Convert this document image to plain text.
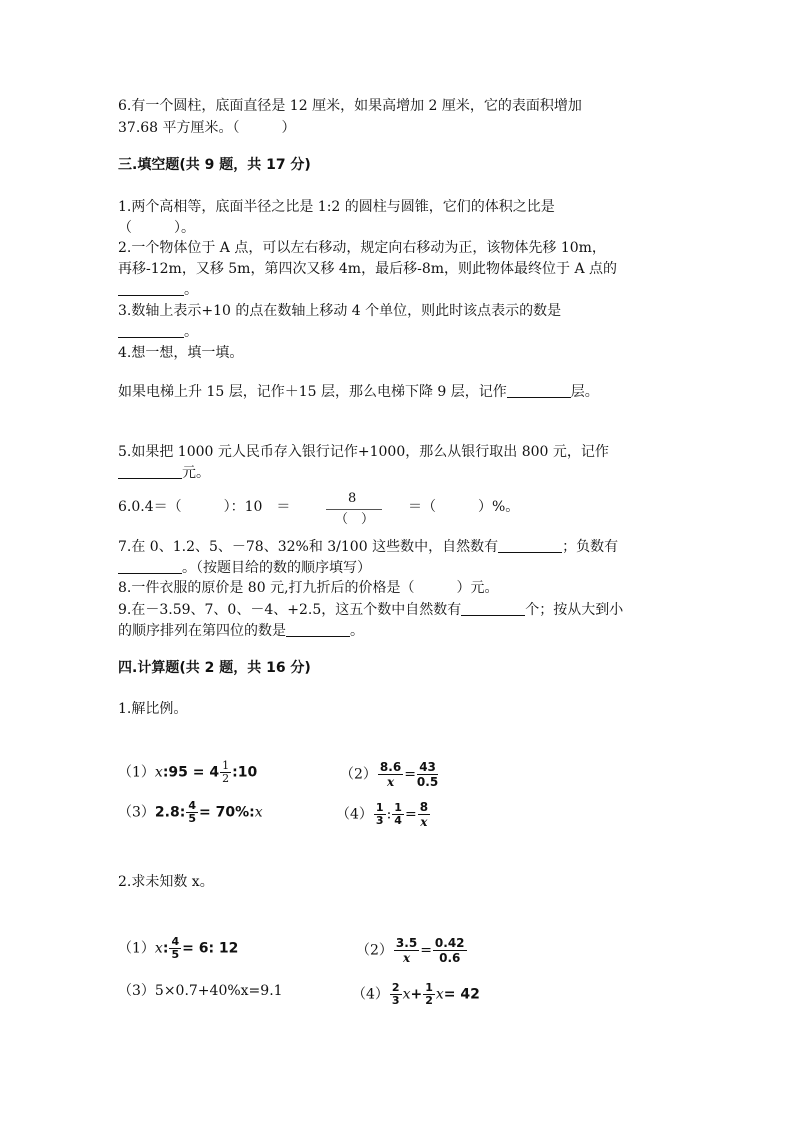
6.有一个圆柱，底面直径是 12 厘米，如果高增加 2 厘米，它的表面积增加
37.68 平方厘米。（　　　）
三.填空题(共 9 题，共 17 分)
1.两个高相等，底面半径之比是 1:2 的圆柱与圆锥，它们的体积之比是
（　　　）。
2.一个物体位于 A 点，可以左右移动，规定向右移动为正，该物体先移 10m，
再移-12m，又移 5m，第四次又移 4m，最后移-8m，则此物体最终位于 A 点的
。
3.数轴上表示+10 的点在数轴上移动 4 个单位，则此时该点表示的数是
。
4.想一想，填一填。
如果电梯上升 15 层，记作＋15 层，那么电梯下降 9 层，记作	层。
5.如果把 1000 元人民币存入银行记作+1000，那么从银行取出 800 元，记作
元。
6.0.4＝（　　　）：10　＝
8
（　）
＝（　　　）%。
7.在 0、1.2、5、－78、32%和 3/100 这些数中，自然数有	；负数有
。（按题目给的数的顺序填写）
8.一件衣服的原价是 80 元,打九折后的价格是（　　　）元。
9.在－3.59、7、0、－4、+2.5，这五个数中自然数有	个；按从大到小
的顺序排列在第四位的数是	。
四.计算题(共 2 题，共 16 分)
1.解比例。
（1）x:95 = $4 \frac{1}{2}$ :10	$(2) \frac{8.6}{x} = \frac{43}{0.5}$
（3）2.8: $\frac{4}{5}$ = 70%:x	$(4) \frac{1}{3}$ : $\frac{1}{4} = \frac{8}{x}$
2.求未知数 x。
（1）x: $\frac{4}{5} = 6$: 12	$(2) \frac{3.5}{x} = \frac{0.42}{0.6}$
（3）5×0.7+40%x=9.1	$(4) \frac{2}{3} x+ \frac{1}{2} x= 42$
